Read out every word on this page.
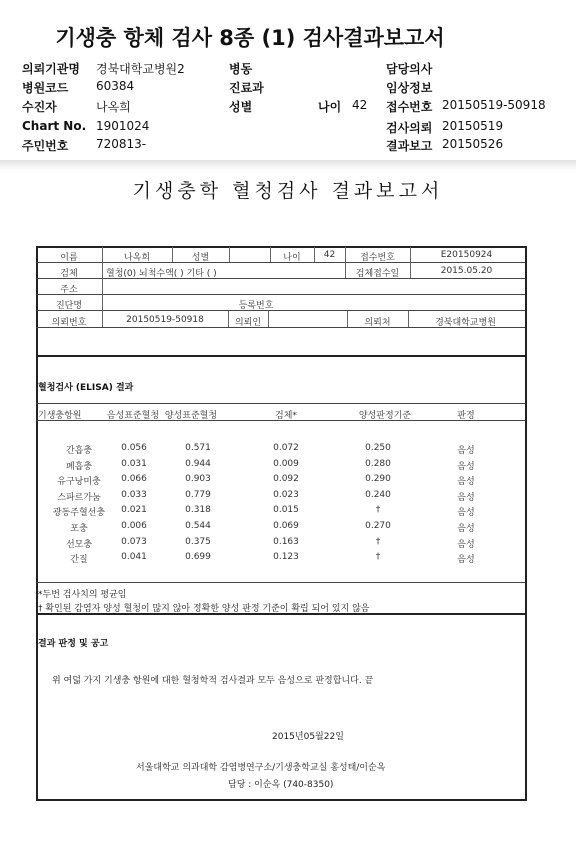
기생충 항체 검사 8종 (1) 검사결과보고서
의뢰기관명 경북대학교병원2	병동	담당의사
병원코드 60384	진료과	임상정보
수진자	나옥희	성별	나이 42 접수번호 20150519-50918
Chart No. 1901024	검사의뢰 20150519
주민번호 720813-	결과보고 20150526
기생충학 혈청검사 결과보고서
이름	나옥희	성별	나이	42	접수번호	E20150924
검체	혈청(0) 뇌척수액( ) 기타 ( )	검체접수일	2015.05.20
주소
진단명	등록번호
의뢰번호	20150519-50918	의뢰인	의뢰처	경북대학교병원
혈청검사 (ELISA) 결과
기생충항원	음성표준혈청 양성표준혈청	검체*	양성판정기준	판정
간흡충	0.056	0.571	0.072	0.250	음성
폐흡충	0.031	0.944	0.009	0.280	음성
유구낭미충	0.066	0.903	0.092	0.290	음성
스파르가눔	0.033	0.779	0.023	0.240	음성
광동주혈선충	0.021	0.318	0.015	†	음성
포충	0.006	0.544	0.069	0.270	음성
선모충	0.073	0.375	0.163	†	음성
간질	0.041	0.699	0.123	†	음성
*두번 검사치의 평균임
† 확인된 감염자 양성 혈청이 많지 않아 정확한 양성 판정 기준이 확립 되어 있지 않음
결과 판정 및 공고
위 여덟 가지 기생충 항원에 대한 혈청학적 검사결과 모두 음성으로 판정합니다. 끝
2015년05월22일
서울대학교 의과대학 감염병연구소/기생충학교실 홍성태/이순옥
담당 : 이순옥 (740-8350)
